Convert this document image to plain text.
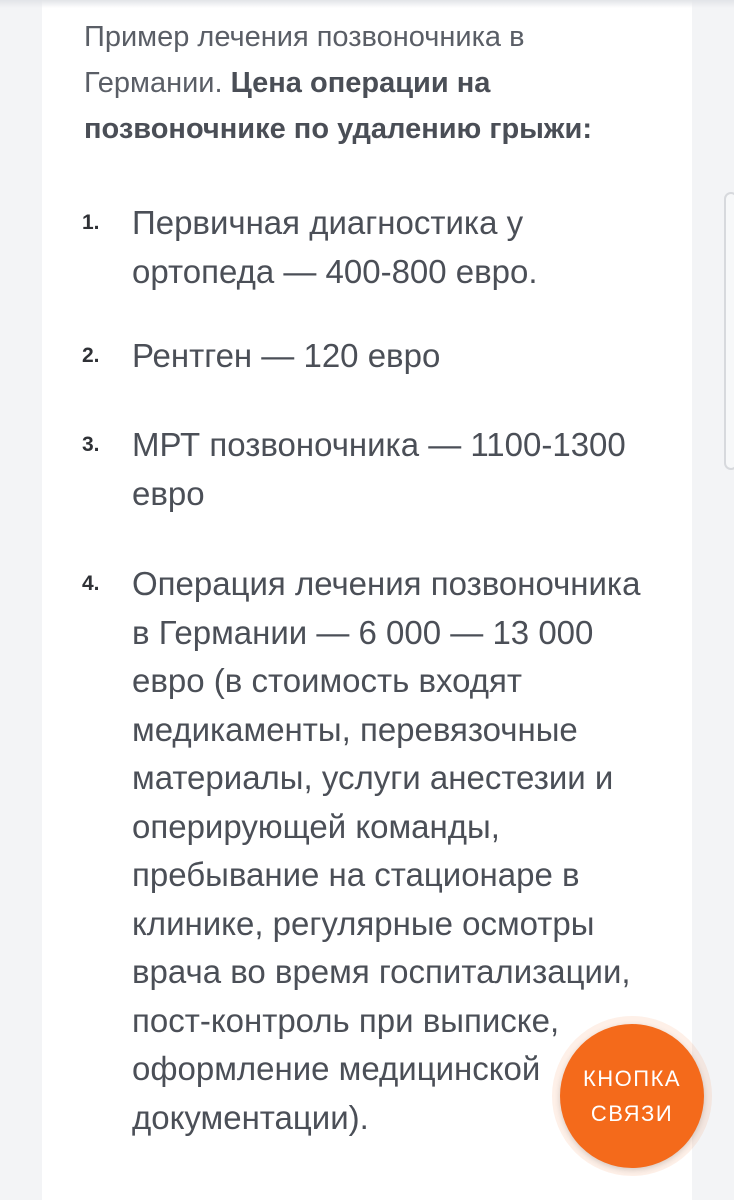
Пример лечения позвоночника в Германии. Цена операции на позвоночнике по удалению грыжи:

1. Первичная диагностика у ортопеда — 400-800 евро.
2. Рентген — 120 евро
3. МРТ позвоночника — 1100-1300 евро
4. Операция лечения позвоночника в Германии — 6 000 — 13 000 евро (в стоимость входят медикаменты, перевязочные материалы, услуги анестезии и оперирующей команды, пребывание на стационаре в клинике, регулярные осмотры врача во время госпитализации, пост-контроль при выписке, оформление медицинской документации).
КНОПКА СВЯЗИ
